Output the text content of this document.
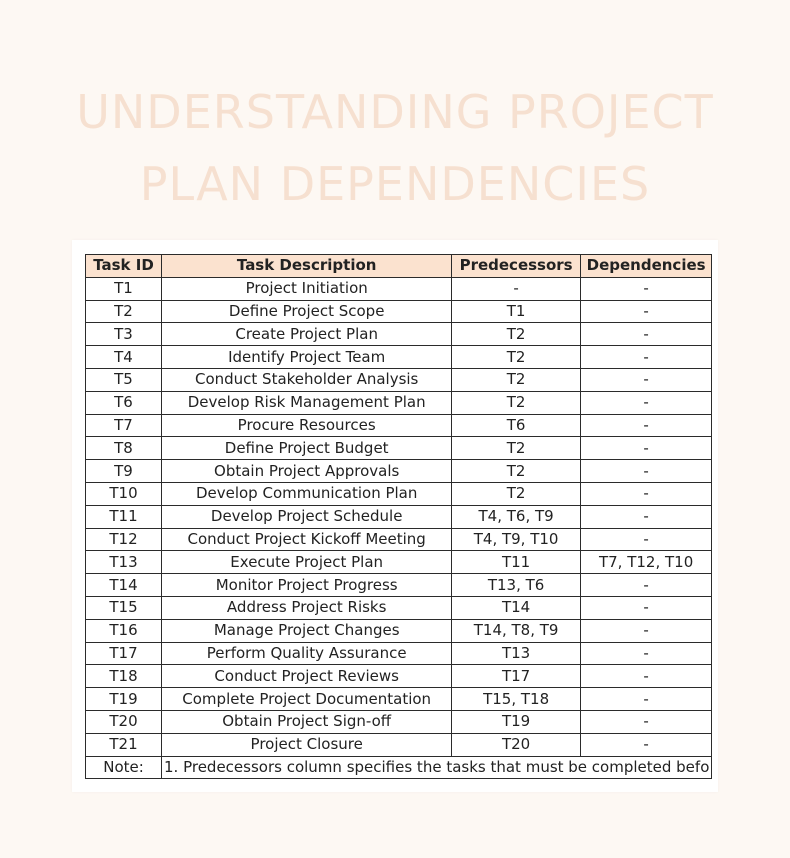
UNDERSTANDING PROJECT
PLAN DEPENDENCIES
Task ID	Task Description	Predecessors	Dependencies
T1	Project Initiation	-	-
T2	Define Project Scope	T1	-
T3	Create Project Plan	T2	-
T4	Identify Project Team	T2	-
T5	Conduct Stakeholder Analysis	T2	-
T6	Develop Risk Management Plan	T2	-
T7	Procure Resources	T6	-
T8	Define Project Budget	T2	-
T9	Obtain Project Approvals	T2	-
T10	Develop Communication Plan	T2	-
T11	Develop Project Schedule	T4, T6, T9	-
T12	Conduct Project Kickoff Meeting	T4, T9, T10	-
T13	Execute Project Plan	T11	T7, T12, T10
T14	Monitor Project Progress	T13, T6	-
T15	Address Project Risks	T14	-
T16	Manage Project Changes	T14, T8, T9	-
T17	Perform Quality Assurance	T13	-
T18	Conduct Project Reviews	T17	-
T19	Complete Project Documentation	T15, T18	-
T20	Obtain Project Sign-off	T19	-
T21	Project Closure	T20	-
Note:	1. Predecessors column specifies the tasks that must be completed befo		
